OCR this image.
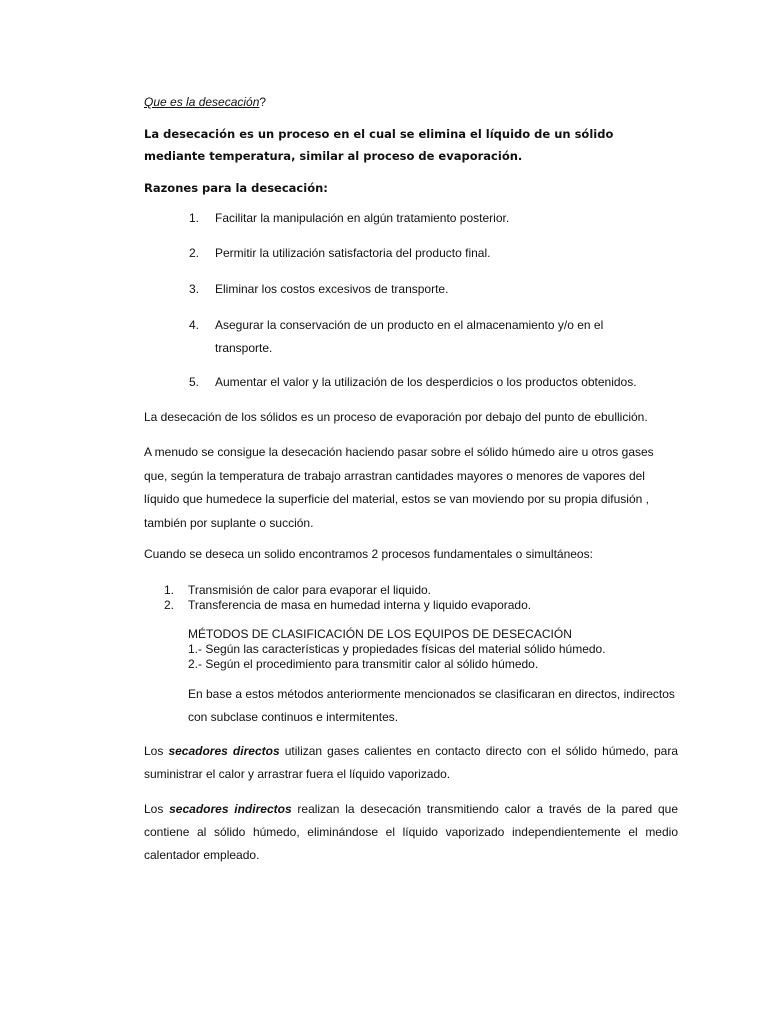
Que es la desecación?

La desecación es un proceso en el cual se elimina el líquido de un sólido mediante temperatura, similar al proceso de evaporación.

Razones para la desecación:

1. Facilitar la manipulación en algún tratamiento posterior.
2. Permitir la utilización satisfactoria del producto final.
3. Eliminar los costos excesivos de transporte.
4. Asegurar la conservación de un producto en el almacenamiento y/o en el transporte.
5. Aumentar el valor y la utilización de los desperdicios o los productos obtenidos.

La desecación de los sólidos es un proceso de evaporación por debajo del punto de ebullición.

A menudo se consigue la desecación haciendo pasar sobre el sólido húmedo aire u otros gases que, según la temperatura de trabajo arrastran cantidades mayores o menores de vapores del líquido que humedece la superficie del material, estos se van moviendo por su propia difusión , también por suplante o succión.

Cuando se deseca un solido encontramos 2 procesos fundamentales o simultáneos:

1. Transmisión de calor para evaporar el liquido.
2. Transferencia de masa en humedad interna y liquido evaporado.

MÉTODOS DE CLASIFICACIÓN DE LOS EQUIPOS DE DESECACIÓN

1.- Según las características y propiedades físicas del material sólido húmedo.

2.- Según el procedimiento para transmitir calor al sólido húmedo.

En base a estos métodos anteriormente mencionados se clasificaran en directos, indirectos con subclase continuos e intermitentes.

Los secadores directos utilizan gases calientes en contacto directo con el sólido húmedo, para suministrar el calor y arrastrar fuera el líquido vaporizado.

Los secadores indirectos realizan la desecación transmitiendo calor a través de la pared que contiene al sólido húmedo, eliminándose el líquido vaporizado independientemente el medio calentador empleado.
